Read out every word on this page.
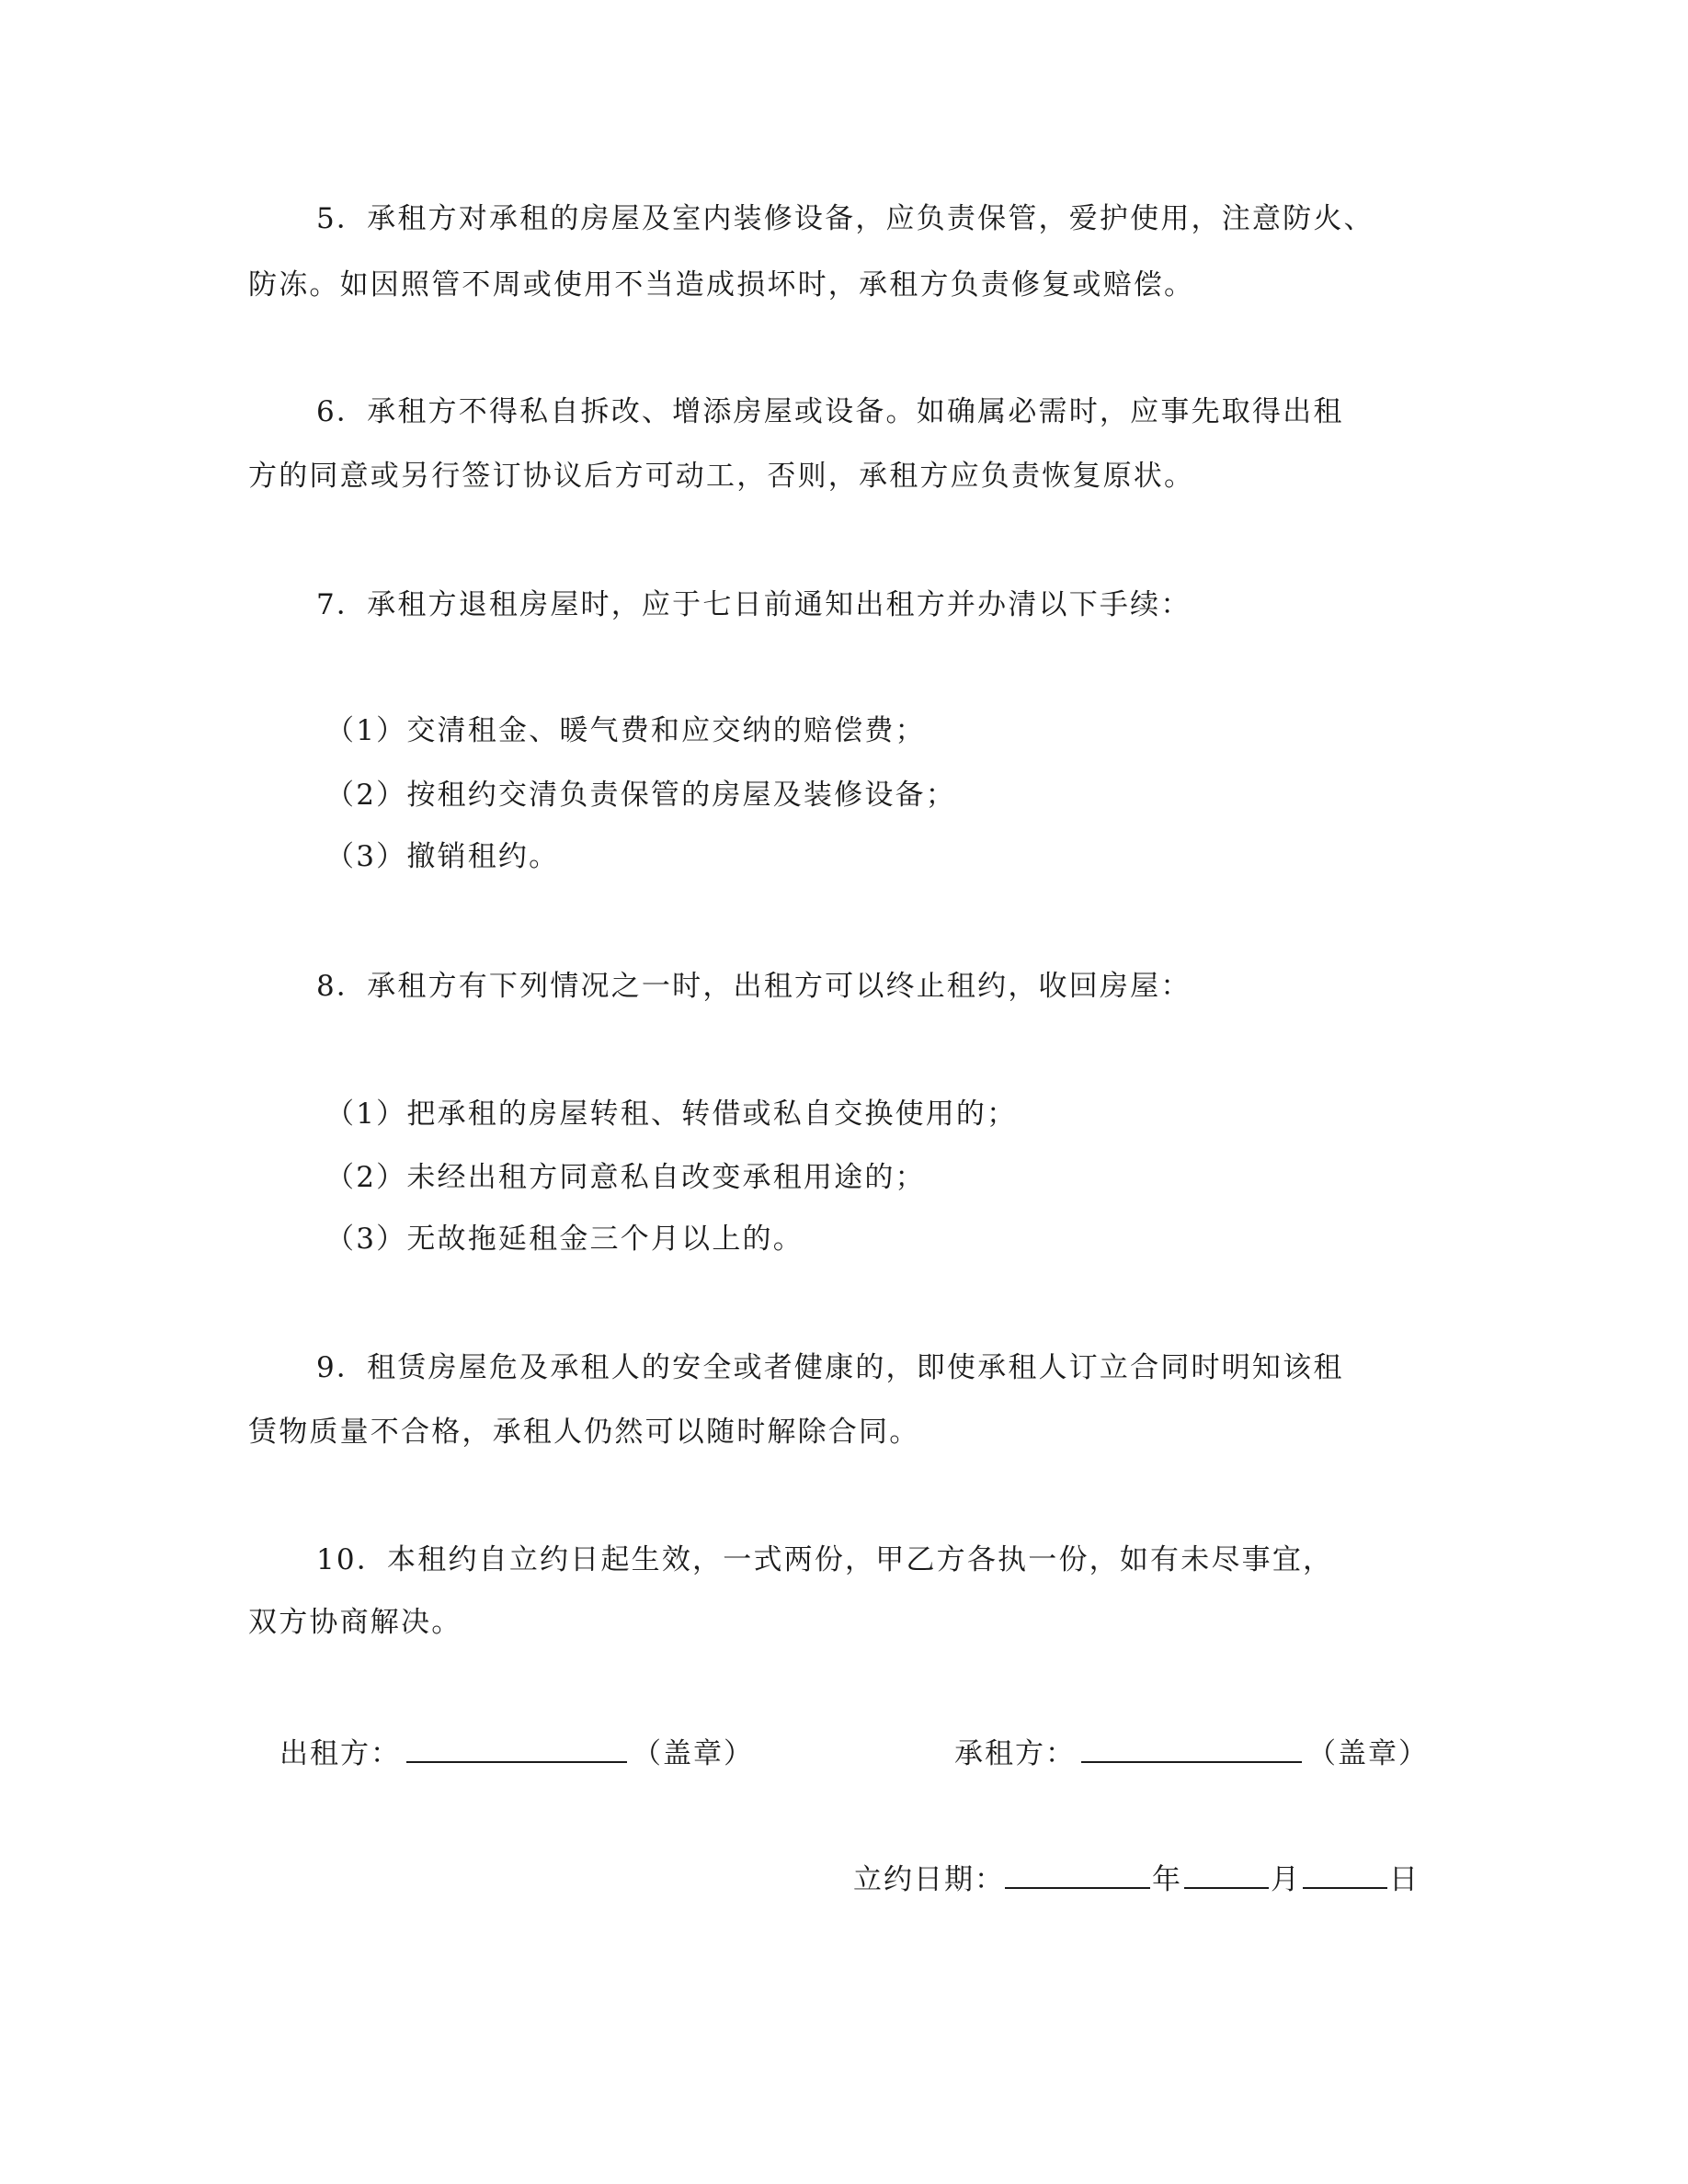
5．承租方对承租的房屋及室内装修设备，应负责保管，爱护使用，注意防火、
防冻。如因照管不周或使用不当造成损坏时，承租方负责修复或赔偿。
6．承租方不得私自拆改、增添房屋或设备。如确属必需时，应事先取得出租
方的同意或另行签订协议后方可动工，否则，承租方应负责恢复原状。
7．承租方退租房屋时，应于七日前通知出租方并办清以下手续：
（1）交清租金、暖气费和应交纳的赔偿费；
（2）按租约交清负责保管的房屋及装修设备；
（3）撤销租约。
8．承租方有下列情况之一时，出租方可以终止租约，收回房屋：
（1）把承租的房屋转租、转借或私自交换使用的；
（2）未经出租方同意私自改变承租用途的；
（3）无故拖延租金三个月以上的。
9．租赁房屋危及承租人的安全或者健康的，即使承租人订立合同时明知该租
赁物质量不合格，承租人仍然可以随时解除合同。
10．本租约自立约日起生效，一式两份，甲乙方各执一份，如有未尽事宜，
双方协商解决。
出租方：	（盖章）	承租方：	（盖章）
立约日期：	年	月	日
